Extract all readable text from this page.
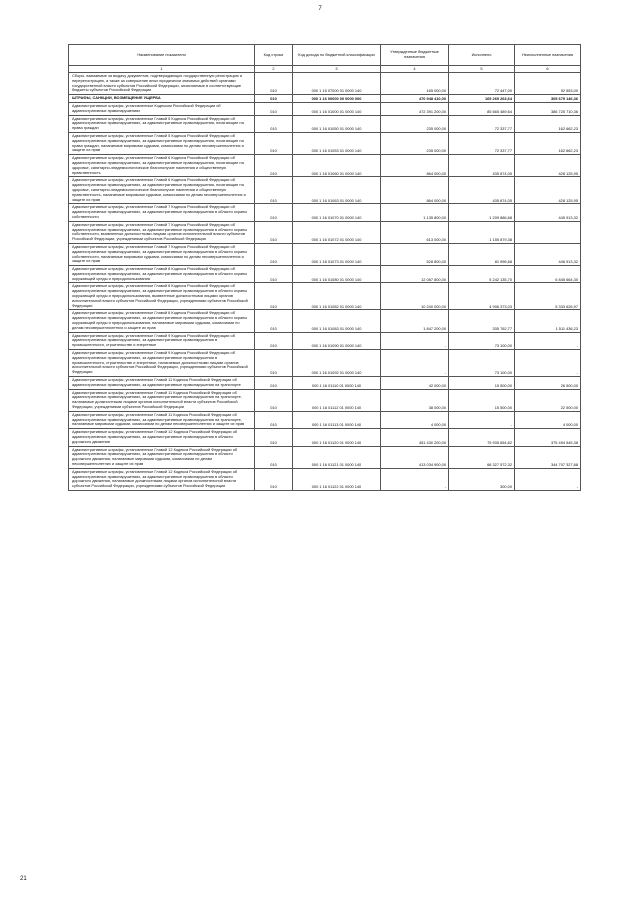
7
Наименование показателя	Код строки	Код дохода по бюджетной классификации	Утвержденные бюджетные назначения	Исполнено	Неисполненные назначения
1	2	3	4	5	6
Сборы, взимаемые за выдачу документов, подтверждающих государственную регистрацию и перерегистрацию, а также за совершение иных юридически значимых действий органами государственной власти субъектов Российской Федерации, зачисляемые в соответствующие бюджеты субъектов Российской Федерации	010	000 1 15 07000 01 0000 140	165 000,00	72 447,00	92 553,00
ШТРАФЫ, САНКЦИИ, ВОЗМЕЩЕНИЕ УЩЕРБА	010	000 1 16 00000 00 0000 000	470 948 410,00	165 269 263,64	305 679 146,36
Административные штрафы, установленные Кодексом Российской Федерации об административных правонарушениях	010	000 1 16 01000 01 0000 140	472 391 200,00	85 665 489,64	386 725 710,36
Административные штрафы, установленные Главой 5 Кодекса Российской Федерации об административных правонарушениях, за административные правонарушения, посягающие на права граждан	010	000 1 16 01050 01 0000 140	235 000,00	72 337,77	162 662,23
Административные штрафы, установленные Главой 5 Кодекса Российской Федерации об административных правонарушениях, за административные правонарушения, посягающие на права граждан, налагаемые мировыми судьями, комиссиями по делам несовершеннолетних и защите их прав	010	000 1 16 01053 01 0000 140	235 000,00	72 337,77	162 662,23
Административные штрафы, установленные Главой 6 Кодекса Российской Федерации об административных правонарушениях, за административные правонарушения, посягающие на здоровье, санитарно-эпидемиологическое благополучие населения и общественную нравственность	010	000 1 16 01060 01 0000 140	864 000,00	435 874,05	428 125,95
Административные штрафы, установленные Главой 6 Кодекса Российской Федерации об административных правонарушениях, за административные правонарушения, посягающие на здоровье, санитарно-эпидемиологическое благополучие населения и общественную нравственность, налагаемые мировыми судьями, комиссиями по делам несовершеннолетних и защите их прав	010	000 1 16 01063 01 0000 140	864 000,00	435 874,05	428 125,95
Административные штрафы, установленные Главой 7 Кодекса Российской Федерации об административных правонарушениях, за административные правонарушения в области охраны собственности	010	000 1 16 01070 01 0000 140	1 135 800,00	1 209 886,68	445 913,32
Административные штрафы, установленные Главой 7 Кодекса Российской Федерации об административных правонарушениях, за административные правонарушения в области охраны собственности, выявленные должностными лицами органов исполнительной власти субъектов Российской Федерации, учреждениями субъектов Российской Федерации	010	000 1 16 01072 01 0000 140	613 000,00	1 155 879,38	
Административные штрафы, установленные Главой 7 Кодекса Российской Федерации об административных правонарушениях, за административные правонарушения в области охраны собственности, налагаемые мировыми судьями, комиссиями по делам несовершеннолетних и защите их прав	010	000 1 16 01073 01 0000 140	528 800,00	81 996,68	446 913,32
Административные штрафы, установленные Главой 8 Кодекса Российской Федерации об административных правонарушениях, за административные правонарушения в области охраны окружающей среды и природопользования	010	000 1 16 01080 01 0000 140	12 087 800,00	5 242 135,70	6 845 664,30
Административные штрафы, установленные Главой 8 Кодекса Российской Федерации об административных правонарушениях, за административные правонарушения в области охраны окружающей среды и природопользования, выявленные должностными лицами органов исполнительной власти субъектов Российской Федерации, учреждениями субъектов Российской Федерации	010	000 1 16 01082 01 0000 140	10 240 000,00	4 906 373,03	5 333 626,97
Административные штрафы, установленные Главой 8 Кодекса Российской Федерации об административных правонарушениях, за административные правонарушения в области охраны окружающей среды и природопользования, налагаемые мировыми судьями, комиссиями по делам несовершеннолетних и защите их прав	010	000 1 16 01083 01 0000 140	1 847 200,00	335 762,77	1 511 436,23
Административные штрафы, установленные Главой 9 Кодекса Российской Федерации об административных правонарушениях, за административные правонарушения в промышленности, строительстве и энергетике	010	000 1 16 01090 01 0000 140	-	73 100,00	-
Административные штрафы, установленные Главой 9 Кодекса Российской Федерации об административных правонарушениях, за административные правонарушения в промышленности, строительстве и энергетике, налагаемые должностными лицами органов исполнительной власти субъектов Российской Федерации, учреждениями субъектов Российской Федерации	010	000 1 16 01092 01 0000 140	-	73 100,00	-
Административные штрафы, установленные Главой 11 Кодекса Российской Федерации об административных правонарушениях, за административные правонарушения на транспорте	010	000 1 16 01110 01 0000 140	42 000,00	15 500,00	26 500,00
Административные штрафы, установленные Главой 11 Кодекса Российской Федерации об административных правонарушениях, за административные правонарушения на транспорте, налагаемые должностными лицами органов исполнительной власти субъектов Российской Федерации, учреждениями субъектов Российской Федерации	010	000 1 16 01112 01 0000 140	38 000,00	15 500,00	22 500,00
Административные штрафы, установленные Главой 11 Кодекса Российской Федерации об административных правонарушениях, за административные правонарушения на транспорте, налагаемые мировыми судьями, комиссиями по делам несовершеннолетних и защите их прав	010	000 1 16 01113 01 0000 140	4 000,00	-	4 000,00
Административные штрафы, установленные Главой 12 Кодекса Российской Федерации об административных правонарушениях, за административные правонарушения в области дорожного движения	010	000 1 16 01120 01 0000 140	451 430 200,00	75 935 654,62	375 494 545,38
Административные штрафы, установленные Главой 12 Кодекса Российской Федерации об административных правонарушениях, за административные правонарушения в области дорожного движения, налагаемые мировыми судьями, комиссиями по делам несовершеннолетних и защите их прав	010	000 1 16 01121 01 0000 140	413 034 900,00	68 327 572,32	344 707 327,68
Административные штрафы, установленные Главой 12 Кодекса Российской Федерации об административных правонарушениях, за административные правонарушения в области дорожного движения, налагаемые должностными лицами органов исполнительной власти субъектов Российской Федерации, учреждениями субъектов Российской Федерации	010	000 1 16 01122 01 0000 140	-	300,00	-
21
